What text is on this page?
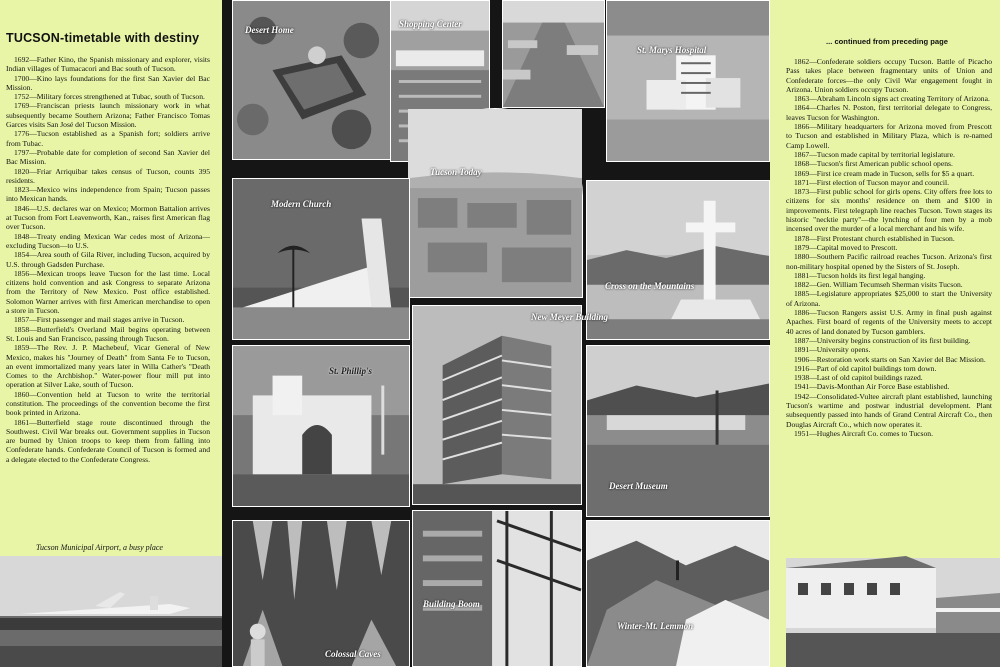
TUCSON-timetable with destiny

1692—Father Kino, the Spanish missionary and explorer, visits Indian villages of Tumacacori and Bac south of Tucson.

1700—Kino lays foundations for the first San Xavier del Bac Mission.

1752—Military forces strengthened at Tubac, south of Tucson.

1769—Franciscan priests launch missionary work in what subsequently became Southern Arizona; Father Francisco Tomas Garces visits San José del Tucson Mission.

1776—Tucson established as a Spanish fort; soldiers arrive from Tubac.

1797—Probable date for completion of second San Xavier del Bac Mission.

1820—Friar Arriquibar takes census of Tucson, counts 395 residents.

1823—Mexico wins independence from Spain; Tucson passes into Mexican hands.

1846—U.S. declares war on Mexico; Mormon Battalion arrives at Tucson from Fort Leavenworth, Kan., raises first American flag over Tucson.

1848—Treaty ending Mexican War cedes most of Arizona—excluding Tucson—to U.S.

1854—Area south of Gila River, including Tucson, acquired by U.S. through Gadsden Purchase.

1856—Mexican troops leave Tucson for the last time. Local citizens hold convention and ask Congress to separate Arizona from the Territory of New Mexico. Post office established. Solomon Warner arrives with first American merchandise to open a store in Tucson.

1857—First passenger and mail stages arrive in Tucson.

1858—Butterfield's Overland Mail begins operating between St. Louis and San Francisco, passing through Tucson.

1859—The Rev. J. P. Machebeuf, Vicar General of New Mexico, makes his "Journey of Death" from Santa Fe to Tucson, an event immortalized many years later in Willa Cather's "Death Comes to the Archbishop." Water-power flour mill put into operation at Silver Lake, south of Tucson.

1860—Convention held at Tucson to write the territorial constitution. The proceedings of the convention become the first book printed in Arizona.

1861—Butterfield stage route discontinued through the Southwest. Civil War breaks out. Government supplies in Tucson are burned by Union troops to keep them from falling into Confederate hands. Confederate Council of Tucson is formed and a delegate elected to the Confederate Congress.

Tucson Municipal Airport, a busy place
Desert Home
Shopping Center
St. Marys Hospital
Tucson Today
Modern Church
Cross on the Mountains
St. Phillip's
New Meyer Building
Desert Museum
Colossal Caves
Building Boom
Winter-Mt. Lemmon
... continued from preceding page

1862—Confederate soldiers occupy Tucson. Battle of Picacho Pass takes place between fragmentary units of Union and Confederate forces—the only Civil War engagement fought in Arizona. Union soldiers occupy Tucson.

1863—Abraham Lincoln signs act creating Territory of Arizona.

1864—Charles N. Poston, first territorial delegate to Congress, leaves Tucson for Washington.

1866—Military headquarters for Arizona moved from Prescott to Tucson and established in Military Plaza, which is re-named Camp Lowell.

1867—Tucson made capital by territorial legislature.

1868—Tucson's first American public school opens.

1869—First ice cream made in Tucson, sells for $5 a quart.

1871—First election of Tucson mayor and council.

1873—First public school for girls opens. City offers free lots to citizens for six months' residence on them and $100 in improvements. First telegraph line reaches Tucson. Town stages its historic "necktie party"—the lynching of four men by a mob incensed over the murder of a local merchant and his wife.

1878—First Protestant church established in Tucson.

1879—Capital moved to Prescott.

1880—Southern Pacific railroad reaches Tucson. Arizona's first non-military hospital opened by the Sisters of St. Joseph.

1881—Tucson holds its first legal hanging.

1882—Gen. William Tecumseh Sherman visits Tucson.

1885—Legislature appropriates $25,000 to start the University of Arizona.

1886—Tucson Rangers assist U.S. Army in final push against Apaches. First board of regents of the University meets to accept 40 acres of land donated by Tucson gamblers.

1887—University begins construction of its first building.

1891—University opens.

1906—Restoration work starts on San Xavier del Bac Mission.

1916—Part of old capitol buildings torn down.

1938—Last of old capitol buildings razed.

1941—Davis-Monthan Air Force Base established.

1942—Consolidated-Vultee aircraft plant established, launching Tucson's wartime and postwar industrial development. Plant subsequently passed into hands of Grand Central Aircraft Co., then Douglas Aircraft Co., which now operates it.

1951—Hughes Aircraft Co. comes to Tucson.
